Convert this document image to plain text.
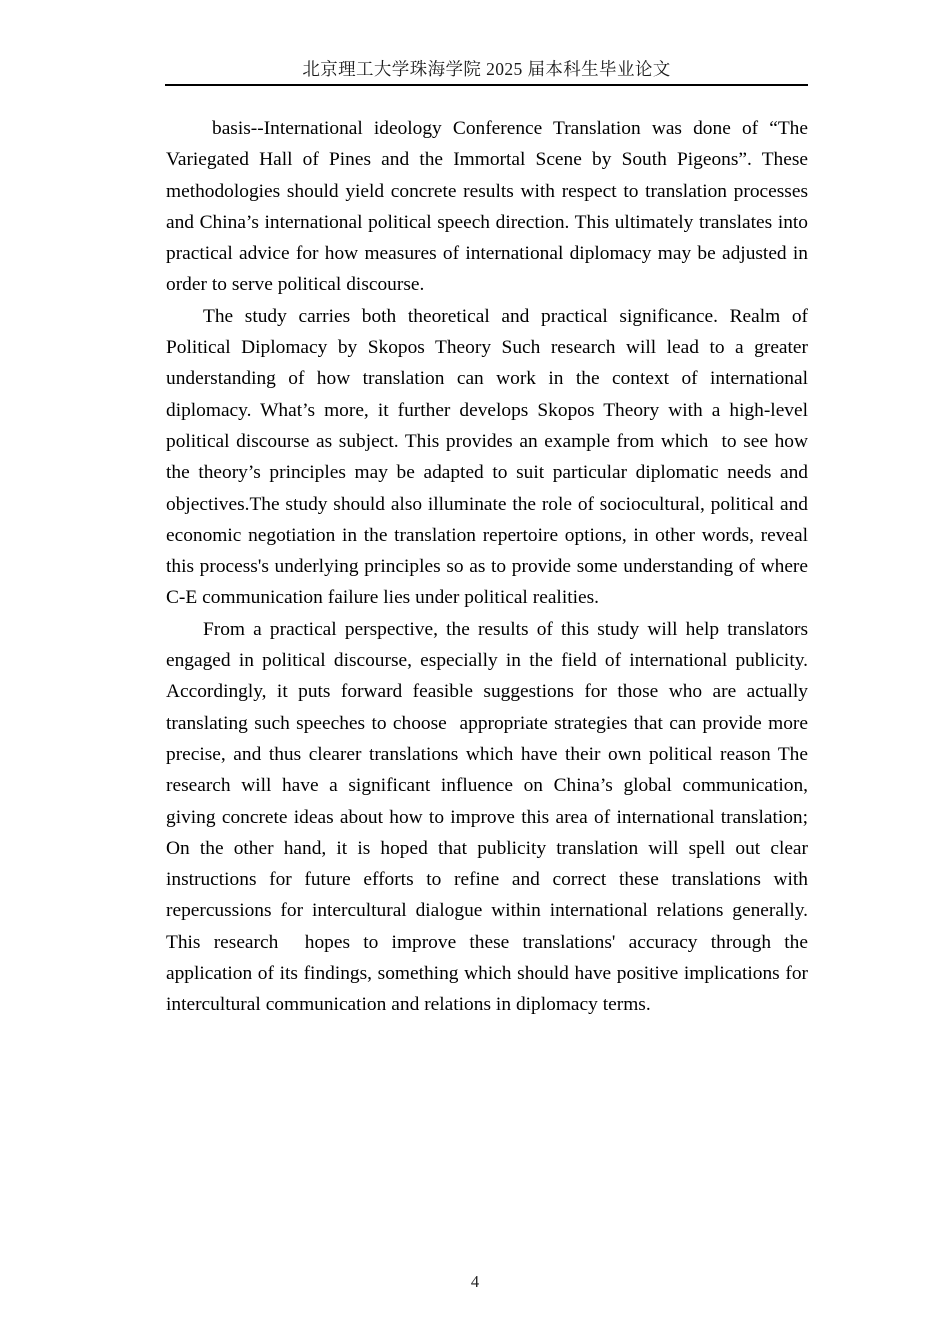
北京理工大学珠海学院 2025 届本科生毕业论文

basis--International ideology Conference Translation was done of “The Variegated Hall of Pines and the Immortal Scene by South Pigeons”. These methodologies should yield concrete results with respect to translation processes and China’s international political speech direction. This ultimately translates into practical advice for how measures of international diplomacy may be adjusted in order to serve political discourse.

The study carries both theoretical and practical significance. Realm of Political Diplomacy by Skopos Theory Such research will lead to a greater understanding of how translation can work in the context of international diplomacy. What’s more, it further develops Skopos Theory with a high-level political discourse as subject. This provides an example from which  to see how the theory’s principles may be adapted to suit particular diplomatic needs and objectives.The study should also illuminate the role of sociocultural, political and economic negotiation in the translation repertoire options, in other words, reveal this process's underlying principles so as to provide some understanding of where C-E communication failure lies under political realities.

From a practical perspective, the results of this study will help translators engaged in political discourse, especially in the field of international publicity. Accordingly, it puts forward feasible suggestions for those who are actually translating such speeches to choose  appropriate strategies that can provide more precise, and thus clearer translations which have their own political reason The research will have a significant influence on China’s global communication, giving concrete ideas about how to improve this area of international translation; On the other hand, it is hoped that publicity translation will spell out clear instructions for future efforts to refine and correct these translations with repercussions for intercultural dialogue within international relations generally. This research  hopes to improve these translations' accuracy through the application of its findings, something which should have positive implications for intercultural communication and relations in diplomacy terms.

4
